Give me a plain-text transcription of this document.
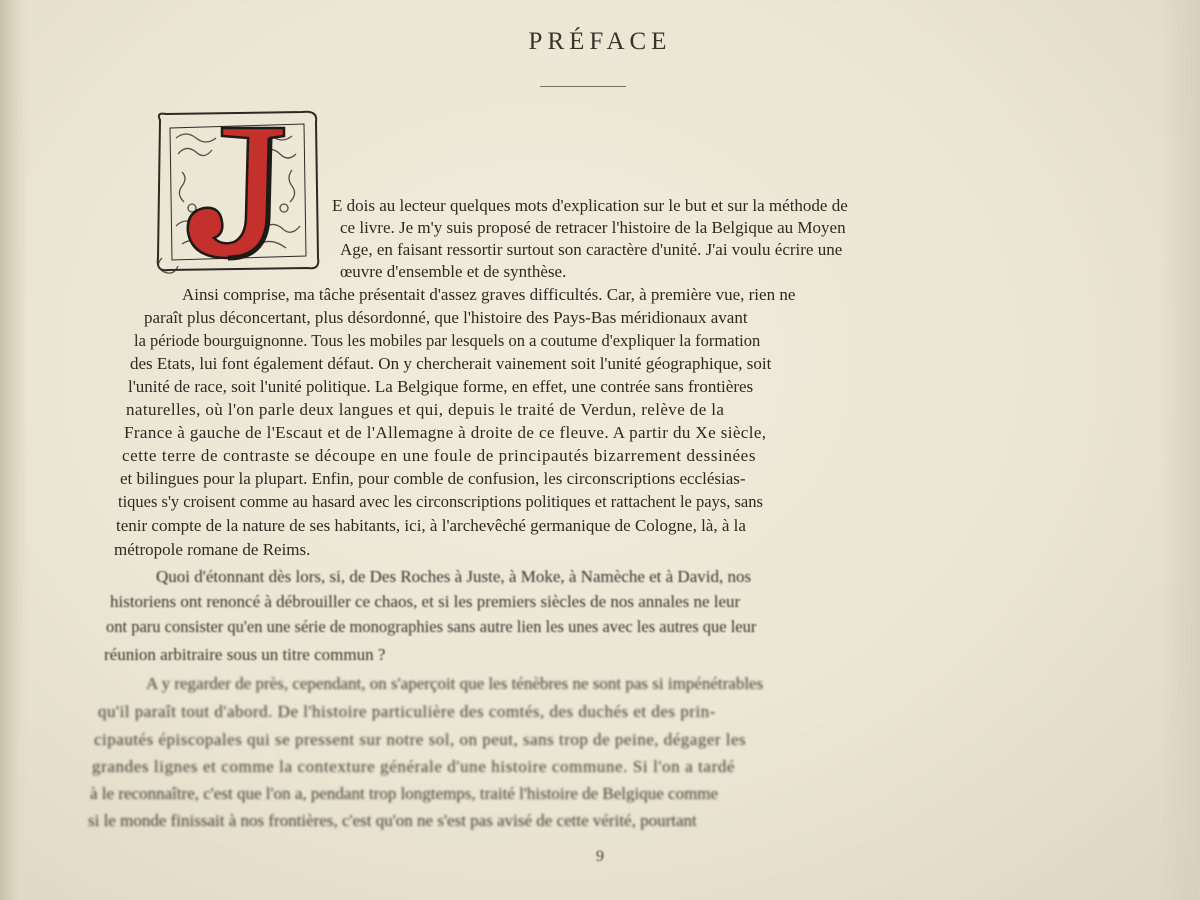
PRÉFACE
E dois au lecteur quelques mots d'explication sur le but et sur la méthode de
ce livre. Je m'y suis proposé de retracer l'histoire de la Belgique au Moyen
Age, en faisant ressortir surtout son caractère d'unité. J'ai voulu écrire une
œuvre d'ensemble et de synthèse.
Ainsi comprise, ma tâche présentait d'assez graves difficultés. Car, à première vue, rien ne
paraît plus déconcertant, plus désordonné, que l'histoire des Pays-Bas méridionaux avant
la période bourguignonne. Tous les mobiles par lesquels on a coutume d'expliquer la formation
des Etats, lui font également défaut. On y chercherait vainement soit l'unité géographique, soit
l'unité de race, soit l'unité politique. La Belgique forme, en effet, une contrée sans frontières
naturelles, où l'on parle deux langues et qui, depuis le traité de Verdun, relève de la
France à gauche de l'Escaut et de l'Allemagne à droite de ce fleuve. A partir du Xe siècle,
cette terre de contraste se découpe en une foule de principautés bizarrement dessinées
et bilingues pour la plupart. Enfin, pour comble de confusion, les circonscriptions ecclésias-
tiques s'y croisent comme au hasard avec les circonscriptions politiques et rattachent le pays, sans
tenir compte de la nature de ses habitants, ici, à l'archevêché germanique de Cologne, là, à la
métropole romane de Reims.
Quoi d'étonnant dès lors, si, de Des Roches à Juste, à Moke, à Namèche et à David, nos
historiens ont renoncé à débrouiller ce chaos, et si les premiers siècles de nos annales ne leur
ont paru consister qu'en une série de monographies sans autre lien les unes avec les autres que leur
réunion arbitraire sous un titre commun ?
A y regarder de près, cependant, on s'aperçoit que les ténèbres ne sont pas si impénétrables
qu'il paraît tout d'abord. De l'histoire particulière des comtés, des duchés et des prin-
cipautés épiscopales qui se pressent sur notre sol, on peut, sans trop de peine, dégager les
grandes lignes et comme la contexture générale d'une histoire commune. Si l'on a tardé
à le reconnaître, c'est que l'on a, pendant trop longtemps, traité l'histoire de Belgique comme
si le monde finissait à nos frontières, c'est qu'on ne s'est pas avisé de cette vérité, pourtant
9
